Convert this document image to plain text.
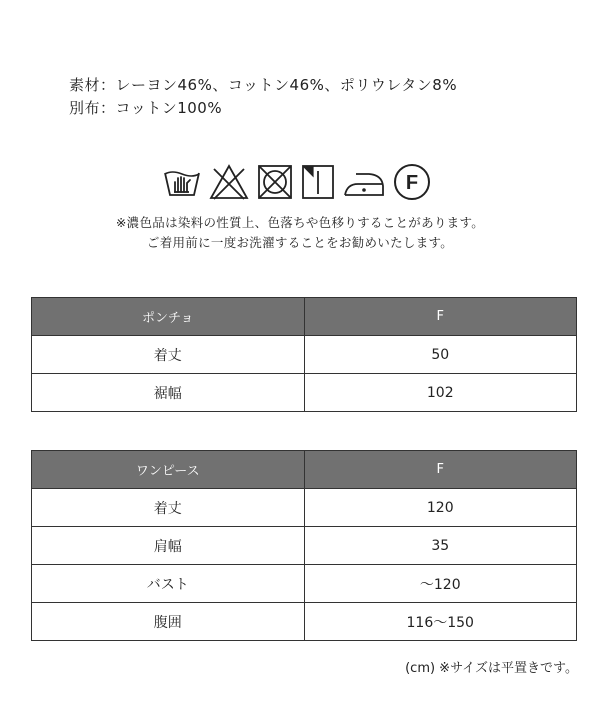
素材：レーヨン46%、コットン46%、ポリウレタン8%
別布：コットン100%
F
※濃色品は染料の性質上、色落ちや色移りすることがあります。
ご着用前に一度お洗濯することをお勧めいたします。
ポンチョ	F
着丈	50
裾幅	102
ワンピース	F
着丈	120
肩幅	35
バスト	～120
腹囲	116～150
(cm) ※サイズは平置きです。
